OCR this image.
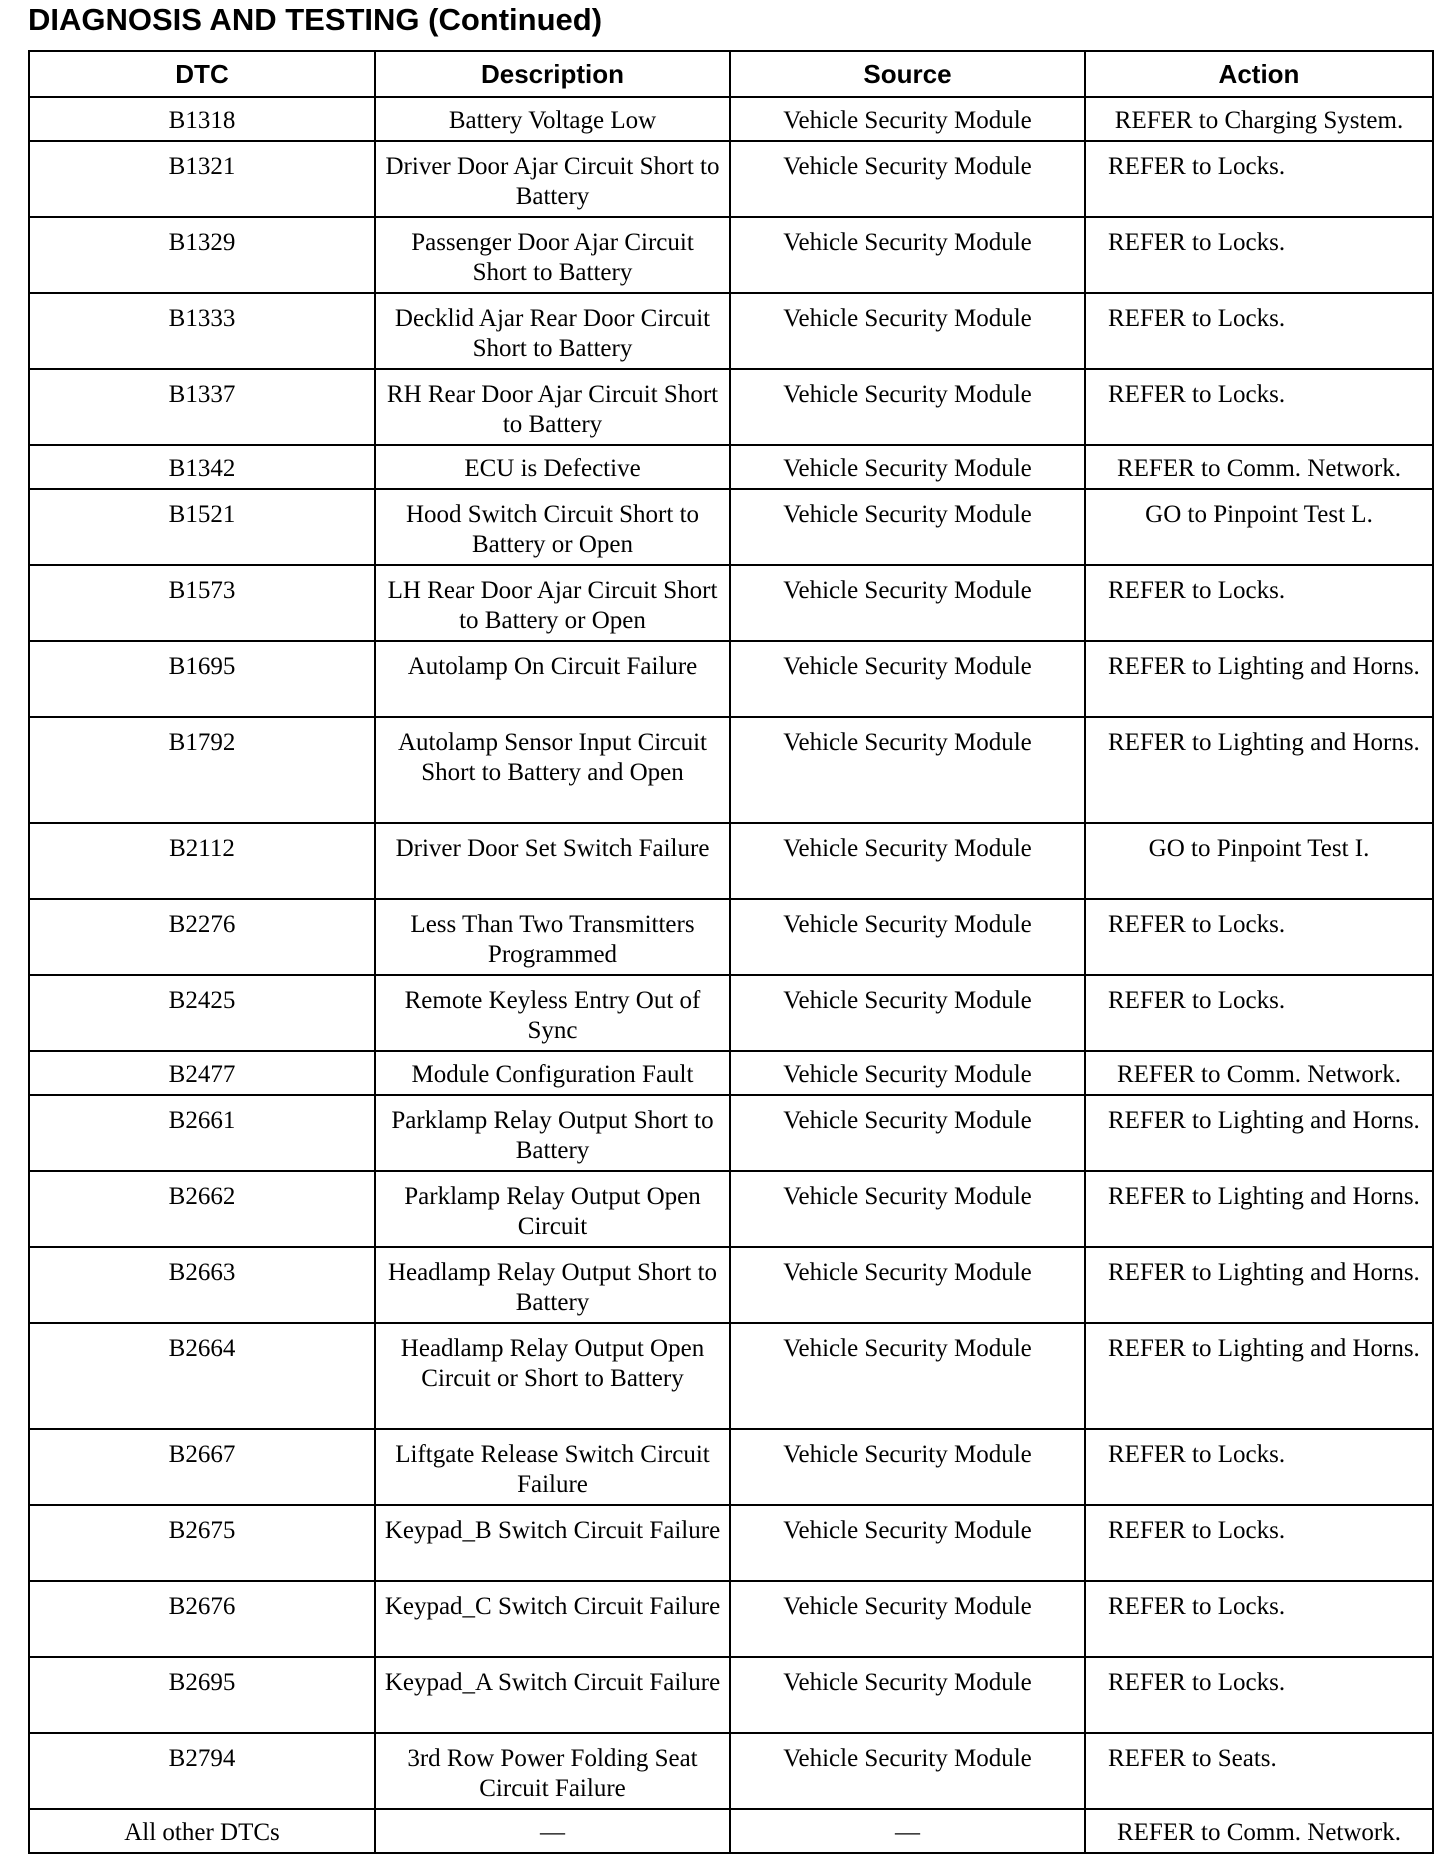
DIAGNOSIS AND TESTING (Continued)
DTC	Description	Source	Action
B1318	Battery Voltage Low	Vehicle Security Module	REFER to Charging System.
B1321	Driver Door Ajar Circuit Short to Battery	Vehicle Security Module	REFER to Locks.
B1329	Passenger Door Ajar Circuit Short to Battery	Vehicle Security Module	REFER to Locks.
B1333	Decklid Ajar Rear Door Circuit Short to Battery	Vehicle Security Module	REFER to Locks.
B1337	RH Rear Door Ajar Circuit Short to Battery	Vehicle Security Module	REFER to Locks.
B1342	ECU is Defective	Vehicle Security Module	REFER to Comm. Network.
B1521	Hood Switch Circuit Short to Battery or Open	Vehicle Security Module	GO to Pinpoint Test L.
B1573	LH Rear Door Ajar Circuit Short to Battery or Open	Vehicle Security Module	REFER to Locks.
B1695	Autolamp On Circuit Failure	Vehicle Security Module	REFER to Lighting and Horns.
B1792	Autolamp Sensor Input Circuit Short to Battery and Open	Vehicle Security Module	REFER to Lighting and Horns.
B2112	Driver Door Set Switch Failure	Vehicle Security Module	GO to Pinpoint Test I.
B2276	Less Than Two Transmitters Programmed	Vehicle Security Module	REFER to Locks.
B2425	Remote Keyless Entry Out of Sync	Vehicle Security Module	REFER to Locks.
B2477	Module Configuration Fault	Vehicle Security Module	REFER to Comm. Network.
B2661	Parklamp Relay Output Short to Battery	Vehicle Security Module	REFER to Lighting and Horns.
B2662	Parklamp Relay Output Open Circuit	Vehicle Security Module	REFER to Lighting and Horns.
B2663	Headlamp Relay Output Short to Battery	Vehicle Security Module	REFER to Lighting and Horns.
B2664	Headlamp Relay Output Open Circuit or Short to Battery	Vehicle Security Module	REFER to Lighting and Horns.
B2667	Liftgate Release Switch Circuit Failure	Vehicle Security Module	REFER to Locks.
B2675	Keypad_B Switch Circuit Failure	Vehicle Security Module	REFER to Locks.
B2676	Keypad_C Switch Circuit Failure	Vehicle Security Module	REFER to Locks.
B2695	Keypad_A Switch Circuit Failure	Vehicle Security Module	REFER to Locks.
B2794	3rd Row Power Folding Seat Circuit Failure	Vehicle Security Module	REFER to Seats.
All other DTCs	—	—	REFER to Comm. Network.
